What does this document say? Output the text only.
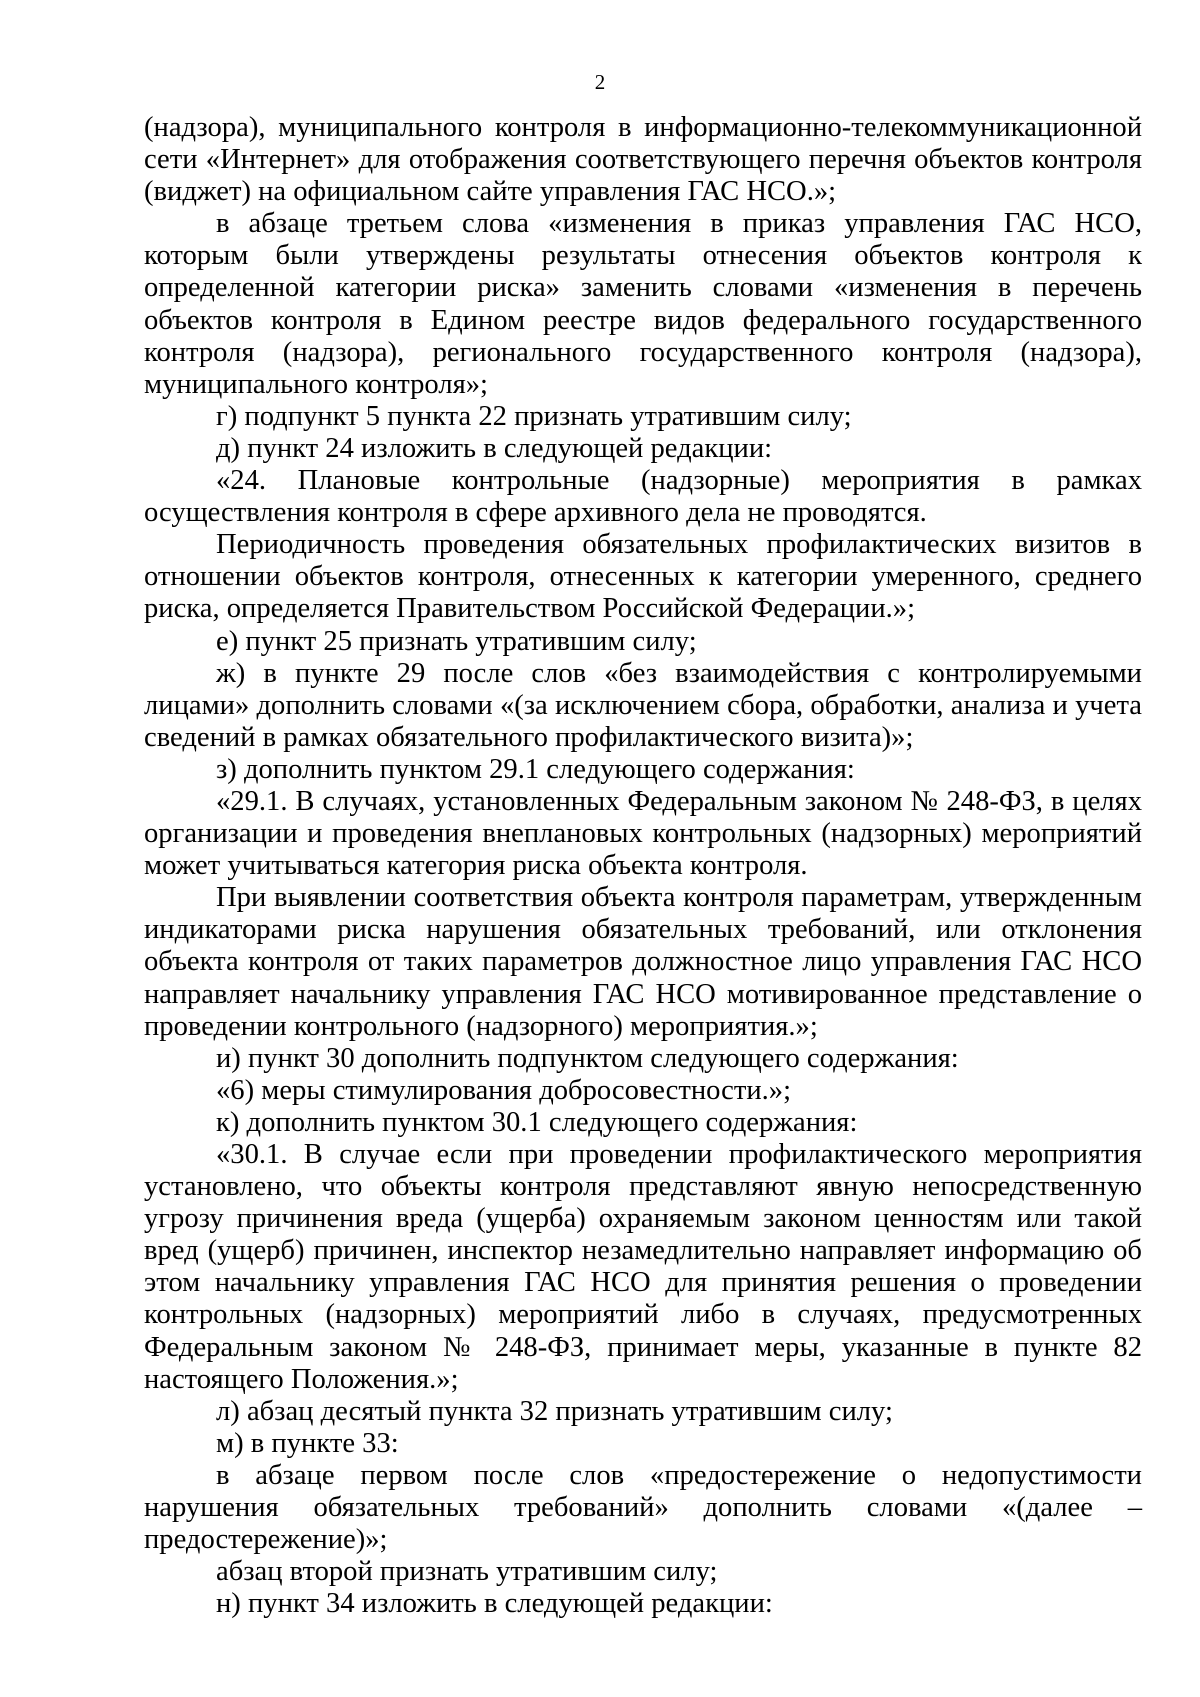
2

(надзора), муниципального контроля в информационно-телекоммуникационной сети «Интернет» для отображения соответствующего перечня объектов контроля (виджет) на официальном сайте управления ГАС НСО.»;

в абзаце третьем слова «изменения в приказ управления ГАС НСО, которым были утверждены результаты отнесения объектов контроля к определенной категории риска» заменить словами «изменения в перечень объектов контроля в Едином реестре видов федерального государственного контроля (надзора), регионального государственного контроля (надзора), муниципального контроля»;

г) подпункт 5 пункта 22 признать утратившим силу;

д) пункт 24 изложить в следующей редакции:

«24. Плановые контрольные (надзорные) мероприятия в рамках осуществления контроля в сфере архивного дела не проводятся.

Периодичность проведения обязательных профилактических визитов в отношении объектов контроля, отнесенных к категории умеренного, среднего риска, определяется Правительством Российской Федерации.»;

е) пункт 25 признать утратившим силу;

ж) в пункте 29 после слов «без взаимодействия с контролируемыми лицами» дополнить словами «(за исключением сбора, обработки, анализа и учета сведений в рамках обязательного профилактического визита)»;

з) дополнить пунктом 29.1 следующего содержания:

«29.1. В случаях, установленных Федеральным законом № 248-ФЗ, в целях организации и проведения внеплановых контрольных (надзорных) мероприятий может учитываться категория риска объекта контроля.

При выявлении соответствия объекта контроля параметрам, утвержденным индикаторами риска нарушения обязательных требований, или отклонения объекта контроля от таких параметров должностное лицо управления ГАС НСО направляет начальнику управления ГАС НСО мотивированное представление о проведении контрольного (надзорного) мероприятия.»;

и) пункт 30 дополнить подпунктом следующего содержания:

«6) меры стимулирования добросовестности.»;

к) дополнить пунктом 30.1 следующего содержания:

«30.1. В случае если при проведении профилактического мероприятия установлено, что объекты контроля представляют явную непосредственную угрозу причинения вреда (ущерба) охраняемым законом ценностям или такой вред (ущерб) причинен, инспектор незамедлительно направляет информацию об этом начальнику управления ГАС НСО для принятия решения о проведении контрольных (надзорных) мероприятий либо в случаях, предусмотренных Федеральным законом № 248-ФЗ, принимает меры, указанные в пункте 82 настоящего Положения.»;

л) абзац десятый пункта 32 признать утратившим силу;

м) в пункте 33:

в абзаце первом после слов «предостережение о недопустимости нарушения обязательных требований» дополнить словами «(далее – предостережение)»;

абзац второй признать утратившим силу;

н) пункт 34 изложить в следующей редакции:
